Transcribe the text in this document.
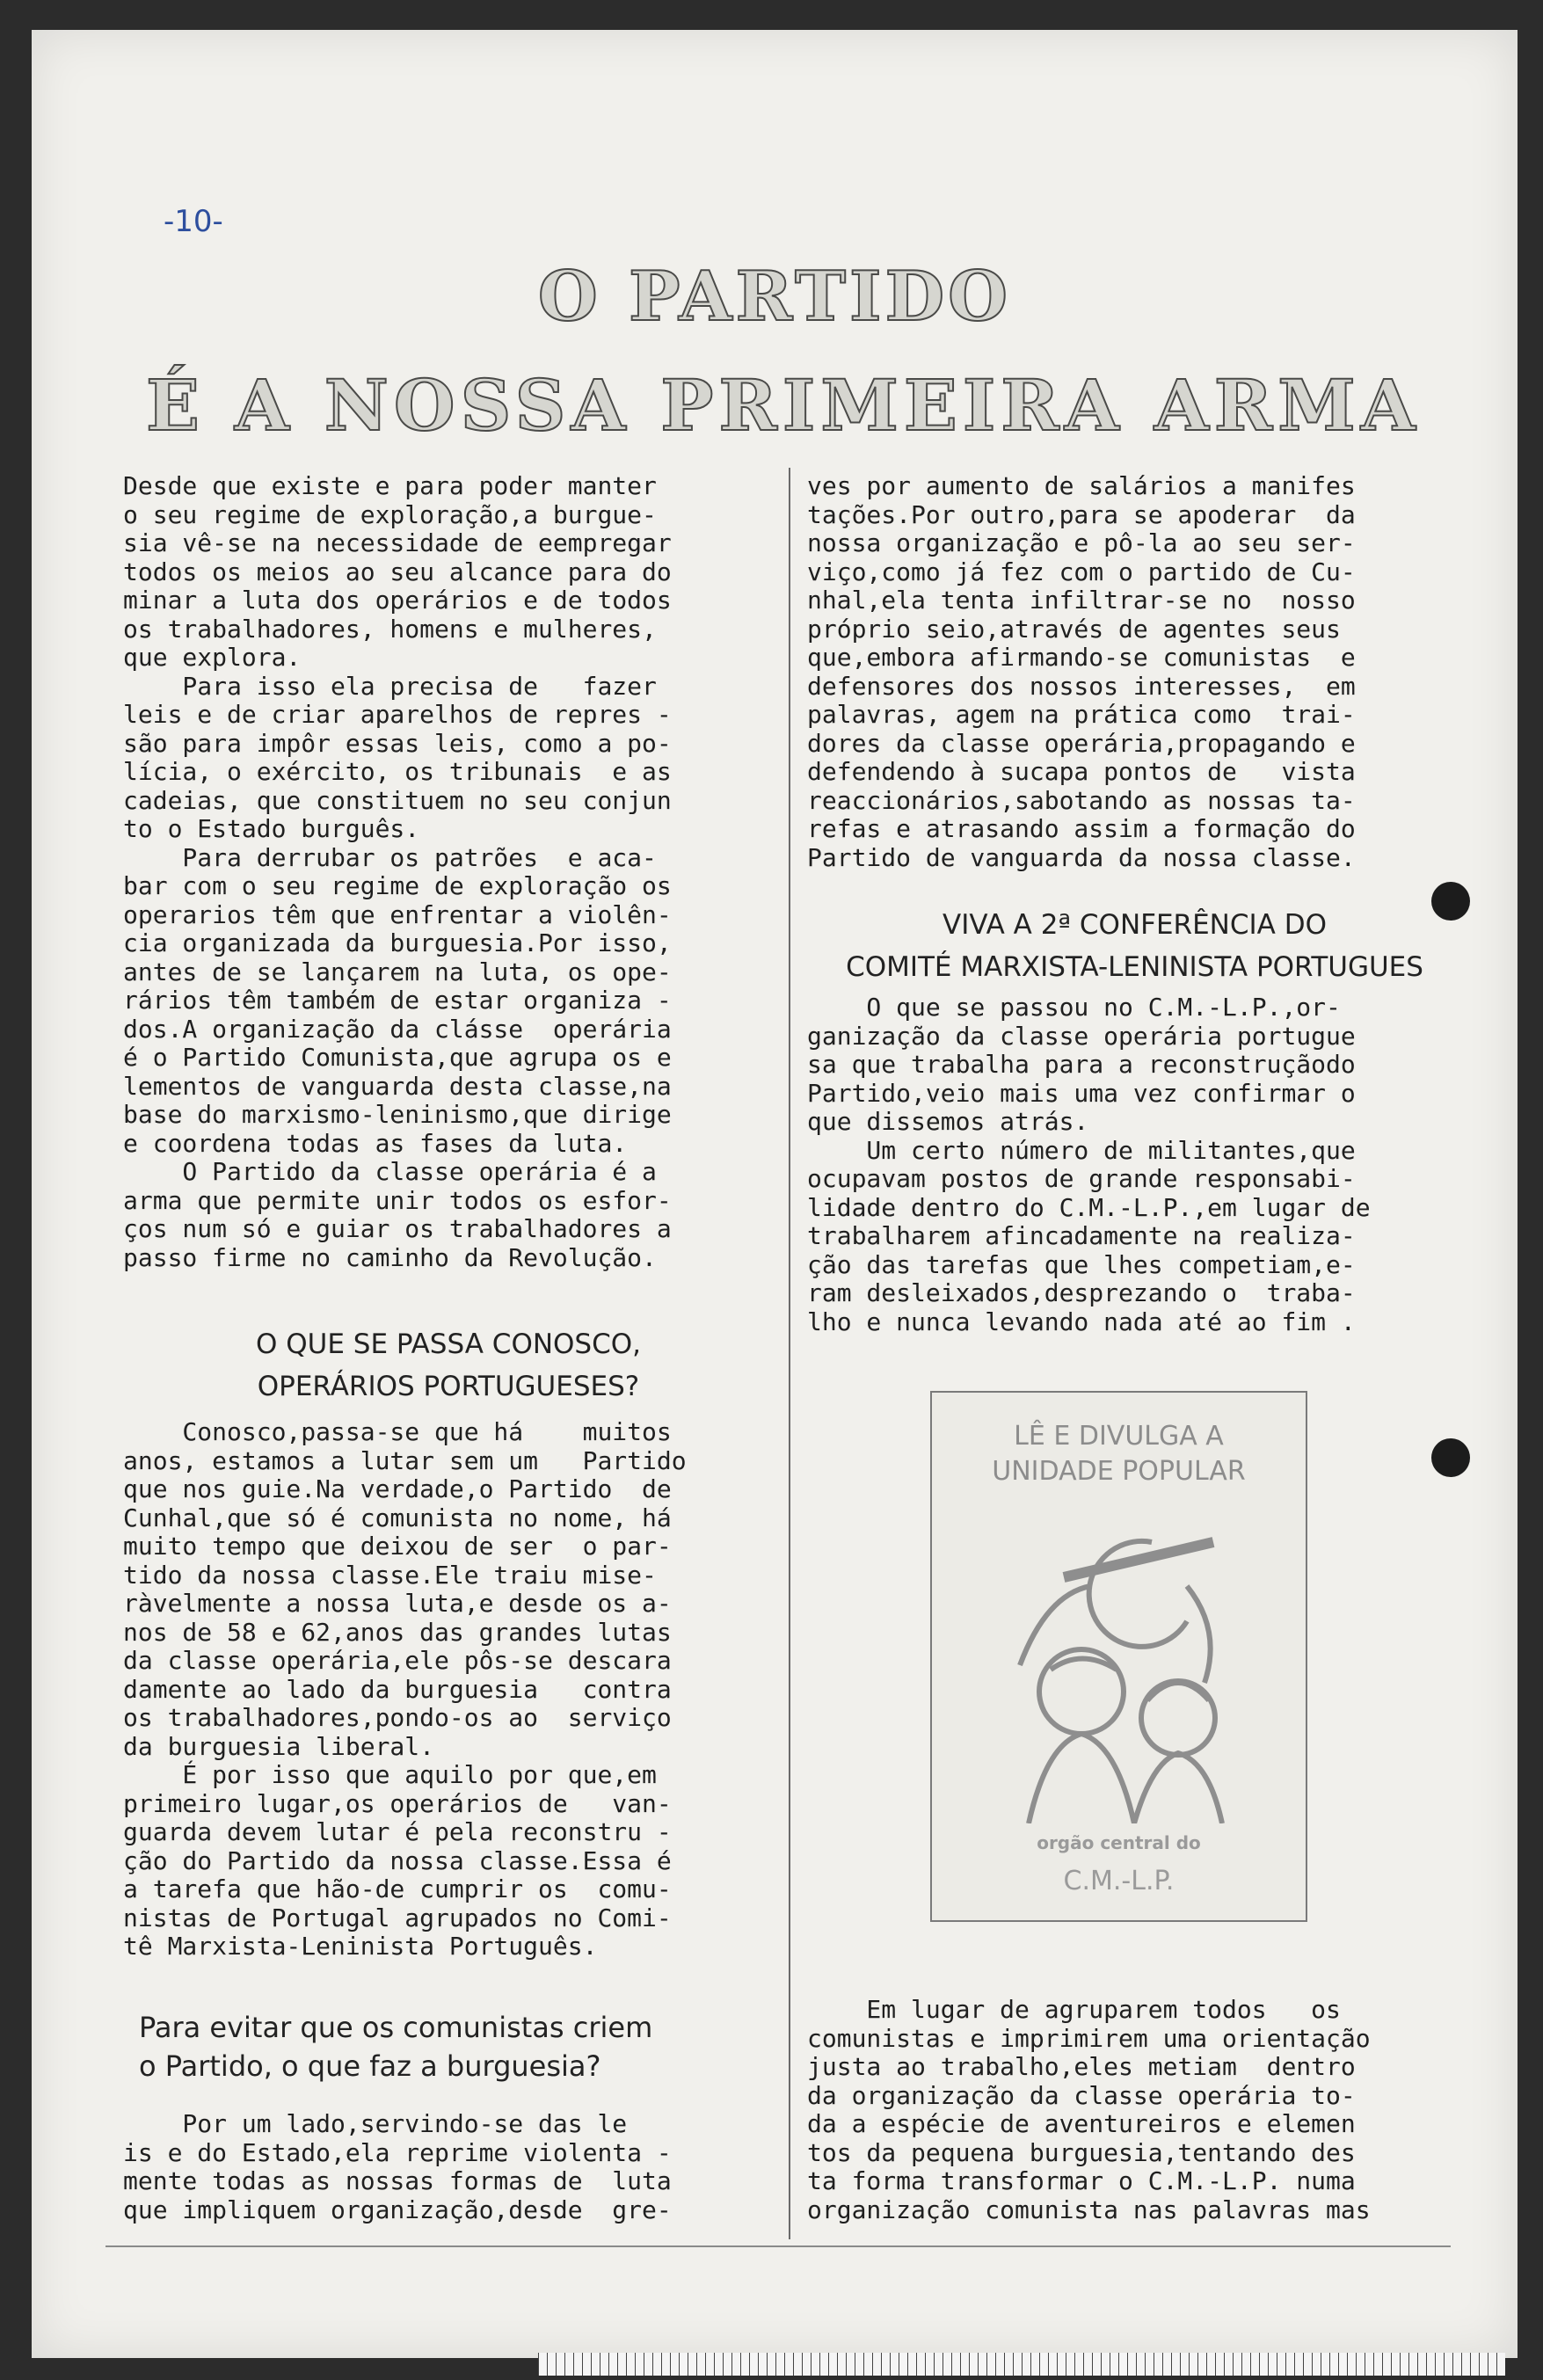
-10-
O PARTIDO
É A NOSSA PRIMEIRA ARMA
Desde que existe e para poder manter
o seu regime de exploração,a burgue-
sia vê-se na necessidade de eempregar
todos os meios ao seu alcance para do
minar a luta dos operários e de todos
os trabalhadores, homens e mulheres,
que explora.
Para isso ela precisa de   fazer
leis e de criar aparelhos de repres -
são para impôr essas leis, como a po-
lícia, o exército, os tribunais  e as
cadeias, que constituem no seu conjun
to o Estado burguês.
Para derrubar os patrões  e aca-
bar com o seu regime de exploração os
operarios têm que enfrentar a violên-
cia organizada da burguesia.Por isso,
antes de se lançarem na luta, os ope-
rários têm também de estar organiza -
dos.A organização da clásse  operária
é o Partido Comunista,que agrupa os e
lementos de vanguarda desta classe,na
base do marxismo-leninismo,que dirige
e coordena todas as fases da luta.
O Partido da classe operária é a
arma que permite unir todos os esfor-
ços num só e guiar os trabalhadores a
passo firme no caminho da Revolução.
O QUE SE PASSA CONOSCO,
OPERÁRIOS PORTUGUESES?
Conosco,passa-se que há    muitos
anos, estamos a lutar sem um   Partido
que nos guie.Na verdade,o Partido  de
Cunhal,que só é comunista no nome, há
muito tempo que deixou de ser  o par-
tido da nossa classe.Ele traiu mise-
ràvelmente a nossa luta,e desde os a-
nos de 58 e 62,anos das grandes lutas
da classe operária,ele pôs-se descara
damente ao lado da burguesia   contra
os trabalhadores,pondo-os ao  serviço
da burguesia liberal.
É por isso que aquilo por que,em
primeiro lugar,os operários de   van-
guarda devem lutar é pela reconstru -
ção do Partido da nossa classe.Essa é
a tarefa que hão-de cumprir os  comu-
nistas de Portugal agrupados no Comi-
tê Marxista-Leninista Português.
Para evitar que os comunistas criem
o Partido, o que faz a burguesia?
Por um lado,servindo-se das le
is e do Estado,ela reprime violenta -
mente todas as nossas formas de  luta
que impliquem organização,desde  gre-
ves por aumento de salários a manifes
tações.Por outro,para se apoderar  da
nossa organização e pô-la ao seu ser-
viço,como já fez com o partido de Cu-
nhal,ela tenta infiltrar-se no  nosso
próprio seio,através de agentes seus
que,embora afirmando-se comunistas  e
defensores dos nossos interesses,  em
palavras, agem na prática como  trai-
dores da classe operária,propagando e
defendendo à sucapa pontos de   vista
reaccionários,sabotando as nossas ta-
refas e atrasando assim a formação do
Partido de vanguarda da nossa classe.
VIVA A 2ª CONFERÊNCIA DO
COMITÉ MARXISTA-LENINISTA PORTUGUES
O que se passou no C.M.-L.P.,or-
ganização da classe operária portugue
sa que trabalha para a reconstruçãodo
Partido,veio mais uma vez confirmar o
que dissemos atrás.
Um certo número de militantes,que
ocupavam postos de grande responsabi-
lidade dentro do C.M.-L.P.,em lugar de
trabalharem afincadamente na realiza-
ção das tarefas que lhes competiam,e-
ram desleixados,desprezando o  traba-
lho e nunca levando nada até ao fim .
LÊ E DIVULGA A
UNIDADE POPULAR
orgão central do
C.M.-L.P.
Em lugar de agruparem todos   os
comunistas e imprimirem uma orientação
justa ao trabalho,eles metiam  dentro
da organização da classe operária to-
da a espécie de aventureiros e elemen
tos da pequena burguesia,tentando des
ta forma transformar o C.M.-L.P. numa
organização comunista nas palavras mas
